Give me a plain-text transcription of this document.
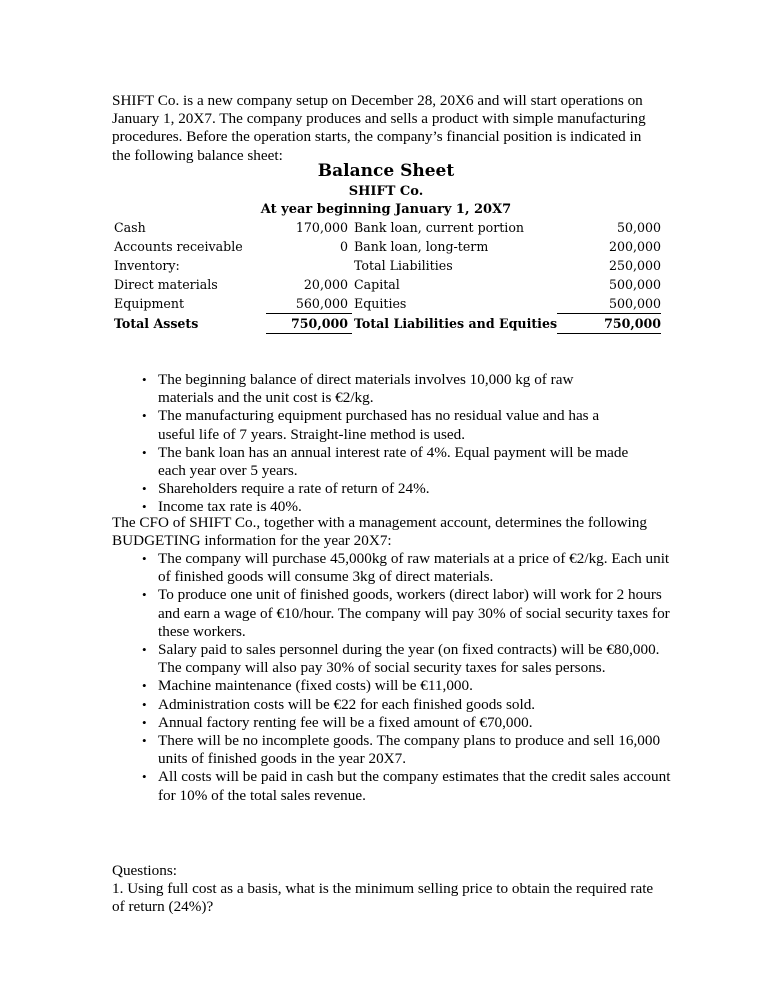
SHIFT Co. is a new company setup on December 28, 20X6 and will start operations on January 1, 20X7. The company produces and sells a product with simple manufacturing procedures. Before the operation starts, the company’s financial position is indicated in the following balance sheet:

Balance Sheet
SHIFT Co.
At year beginning January 1, 20X7
Cash	170,000	Bank loan, current portion	50,000
Accounts receivable	0	Bank loan, long-term	200,000
Inventory:		Total Liabilities	250,000
Direct materials	20,000	Capital	500,000
Equipment	560,000	Equities	500,000
Total Assets	750,000	Total Liabilities and Equities	750,000
• The beginning balance of direct materials involves 10,000 kg of raw materials and the unit cost is €2/kg.
• The manufacturing equipment purchased has no residual value and has a useful life of 7 years. Straight-line method is used.
• The bank loan has an annual interest rate of 4%. Equal payment will be made each year over 5 years.
• Shareholders require a rate of return of 24%.
• Income tax rate is 40%.

The CFO of SHIFT Co., together with a management account, determines the following BUDGETING information for the year 20X7:

• The company will purchase 45,000kg of raw materials at a price of €2/kg. Each unit of finished goods will consume 3kg of direct materials.
• To produce one unit of finished goods, workers (direct labor) will work for 2 hours and earn a wage of €10/hour. The company will pay 30% of social security taxes for these workers.
• Salary paid to sales personnel during the year (on fixed contracts) will be €80,000. The company will also pay 30% of social security taxes for sales persons.
• Machine maintenance (fixed costs) will be €11,000.
• Administration costs will be €22 for each finished goods sold.
• Annual factory renting fee will be a fixed amount of €70,000.
• There will be no incomplete goods. The company plans to produce and sell 16,000 units of finished goods in the year 20X7.
• All costs will be paid in cash but the company estimates that the credit sales account for 10% of the total sales revenue.

Questions:

1. Using full cost as a basis, what is the minimum selling price to obtain the required rate of return (24%)?
